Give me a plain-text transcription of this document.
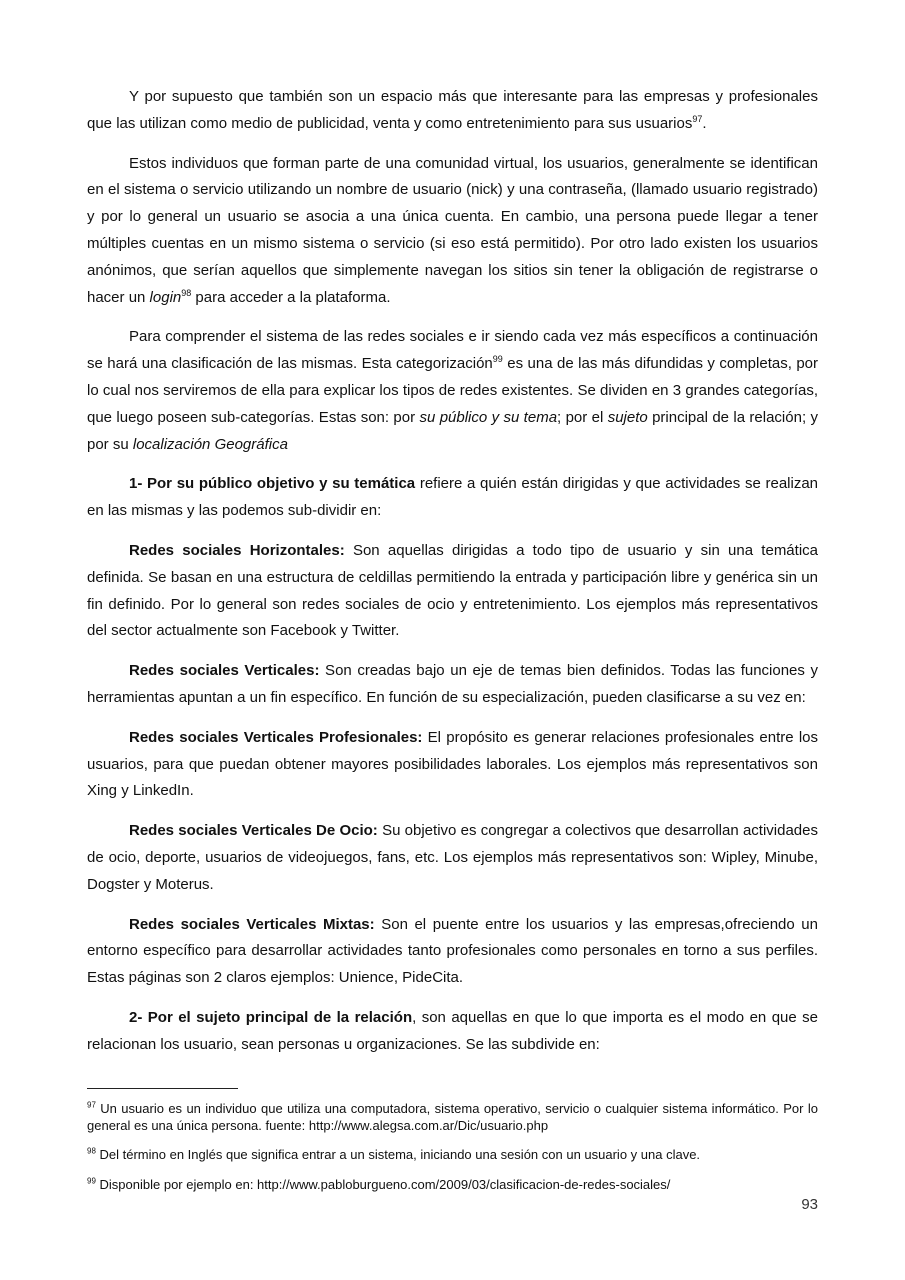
Y por supuesto que también son un espacio más que interesante para las empresas y profesionales que las utilizan como medio de publicidad, venta y como entretenimiento para sus usuarios$^{97}$.

Estos individuos que forman parte de una comunidad virtual, los usuarios, generalmente se identifican en el sistema o servicio utilizando un nombre de usuario (nick) y una contraseña, (llamado usuario registrado) y por lo general un usuario se asocia a una única cuenta. En cambio, una persona puede llegar a tener múltiples cuentas en un mismo sistema o servicio (si eso está permitido). Por otro lado existen los usuarios anónimos, que serían aquellos que simplemente navegan los sitios sin tener la obligación de registrarse o hacer un login$^{98}$ para acceder a la plataforma.

Para comprender el sistema de las redes sociales e ir siendo cada vez más específicos a continuación se hará una clasificación de las mismas. Esta categorización$^{99}$ es una de las más difundidas y completas, por lo cual nos serviremos de ella para explicar los tipos de redes existentes. Se dividen en 3 grandes categorías, que luego poseen sub-categorías. Estas son: por su público y su tema; por el sujeto principal de la relación; y por su localización Geográfica

1- Por su público objetivo y su temática refiere a quién están dirigidas y que actividades se realizan en las mismas y las podemos sub-dividir en:

Redes sociales Horizontales: Son aquellas dirigidas a todo tipo de usuario y sin una temática definida. Se basan en una estructura de celdillas permitiendo la entrada y participación libre y genérica sin un fin definido. Por lo general son redes sociales de ocio y entretenimiento. Los ejemplos más representativos del sector actualmente son Facebook y Twitter.

Redes sociales Verticales: Son creadas bajo un eje de temas bien definidos. Todas las funciones y herramientas apuntan a un fin específico. En función de su especialización, pueden clasificarse a su vez en:

Redes sociales Verticales Profesionales: El propósito es generar relaciones profesionales entre los usuarios, para que puedan obtener mayores posibilidades laborales. Los ejemplos más representativos son Xing y LinkedIn.

Redes sociales Verticales De Ocio: Su objetivo es congregar a colectivos que desarrollan actividades de ocio, deporte, usuarios de videojuegos, fans, etc. Los ejemplos más representativos son: Wipley, Minube, Dogster y Moterus.

Redes sociales Verticales Mixtas: Son el puente entre los usuarios y las empresas,ofreciendo un entorno específico para desarrollar actividades tanto profesionales como personales en torno a sus perfiles. Estas páginas son 2 claros ejemplos: Unience, PideCita.

2- Por el sujeto principal de la relación, son aquellas en que lo que importa es el modo en que se relacionan los usuario, sean personas u organizaciones. Se las subdivide en:

$^{97}$ Un usuario es un individuo que utiliza una computadora, sistema operativo, servicio o cualquier sistema informático. Por lo general es una única persona. fuente: http://www.alegsa.com.ar/Dic/usuario.php

$^{98}$ Del término en Inglés que significa entrar a un sistema, iniciando una sesión con un usuario y una clave.

$^{99}$ Disponible por ejemplo en: http://www.pabloburgueno.com/2009/03/clasificacion-de-redes-sociales/

93
